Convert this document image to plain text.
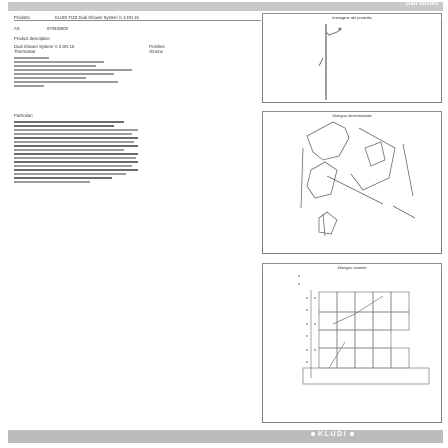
Dati tecnici
Prodotto	KLUDI FIZZ Dual Shower System ½ 3 DN 15	Immagine del prodotto
Art.	670930500
Product description
Dual Shower System ½ 3 DN 15
Thermostat
Finishes
chrome
Disegno dimensionale
Particolari
Disegno ricambi
KLUDI
